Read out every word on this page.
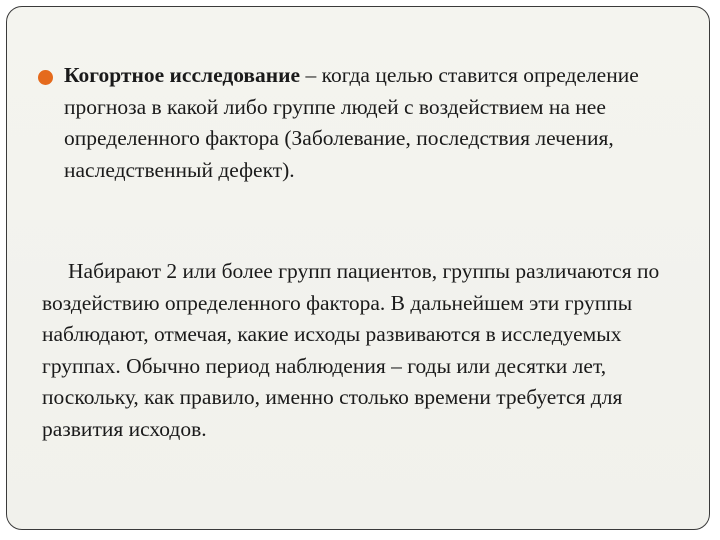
Когортное исследование – когда целью ставится определение прогноза в какой либо группе людей с воздействием на нее определенного фактора (Заболевание, последствия лечения, наследственный дефект).
Набирают 2 или более групп пациентов, группы различаются по воздействию определенного фактора. В дальнейшем эти группы наблюдают, отмечая, какие исходы развиваются в исследуемых группах. Обычно период наблюдения – годы или десятки лет, поскольку, как правило, именно столько времени требуется для развития исходов.
